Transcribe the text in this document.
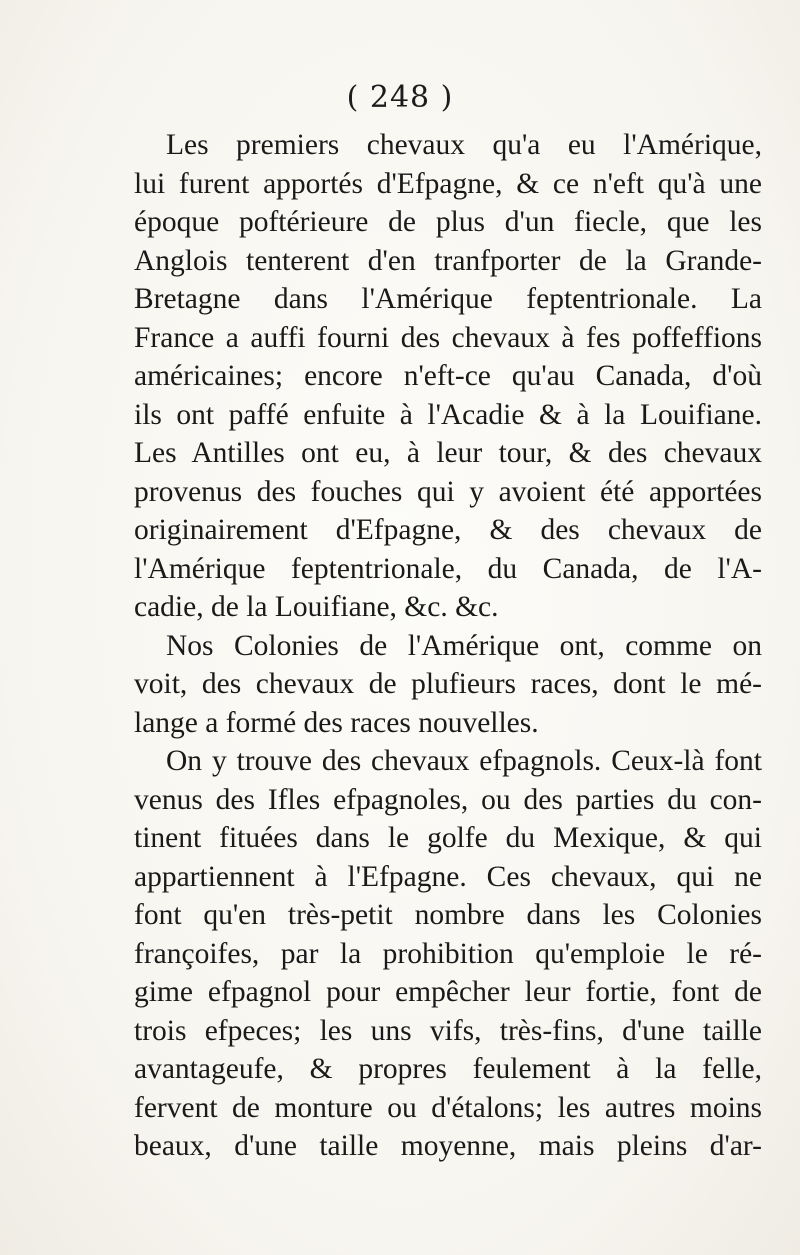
( 248 )
Les premiers chevaux qu'a eu l'Amérique,
lui furent apportés d'Efpagne, & ce n'eft qu'à une
époque poftérieure de plus d'un fiecle, que les
Anglois tenterent d'en tranfporter de la Grande-
Bretagne dans l'Amérique feptentrionale. La
France a auffi fourni des chevaux à fes poffeffions
américaines; encore n'eft-ce qu'au Canada, d'où
ils ont paffé enfuite à l'Acadie & à la Louifiane.
Les Antilles ont eu, à leur tour, & des chevaux
provenus des fouches qui y avoient été apportées
originairement d'Efpagne, & des chevaux de
l'Amérique feptentrionale, du Canada, de l'A-
cadie, de la Louifiane, &c. &c.
Nos Colonies de l'Amérique ont, comme on
voit, des chevaux de plufieurs races, dont le mé-
lange a formé des races nouvelles.
On y trouve des chevaux efpagnols. Ceux-là font
venus des Ifles efpagnoles, ou des parties du con-
tinent fituées dans le golfe du Mexique, & qui
appartiennent à l'Efpagne. Ces chevaux, qui ne
font qu'en très-petit nombre dans les Colonies
françoifes, par la prohibition qu'emploie le ré-
gime efpagnol pour empêcher leur fortie, font de
trois efpeces; les uns vifs, très-fins, d'une taille
avantageufe, & propres feulement à la felle,
fervent de monture ou d'étalons; les autres moins
beaux, d'une taille moyenne, mais pleins d'ar-
